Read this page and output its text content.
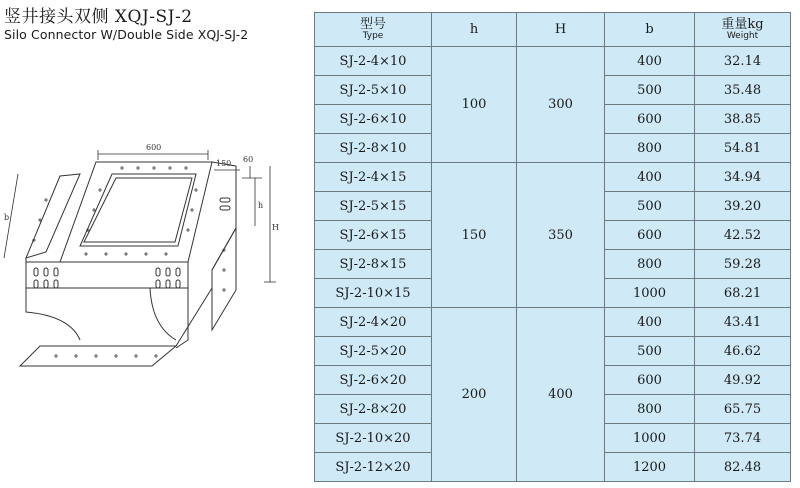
竖井接头双侧 XQJ-SJ-2
Silo Connector W/Double Side XQJ-SJ-2
600
150 60
h
H
b
型号
Type	h	H	b	重量kg
Weight

SJ-2-4×10	100	300	400	32.14
SJ-2-5×10			500	35.48
SJ-2-6×10			600	38.85
SJ-2-8×10			800	54.81
SJ-2-4×15	150	350	400	34.94
SJ-2-5×15			500	39.20
SJ-2-6×15			600	42.52
SJ-2-8×15			800	59.28
SJ-2-10×15			1000	68.21
SJ-2-4×20	200	400	400	43.41
SJ-2-5×20			500	46.62
SJ-2-6×20			600	49.92
SJ-2-8×20			800	65.75
SJ-2-10×20			1000	73.74
SJ-2-12×20			1200	82.48
